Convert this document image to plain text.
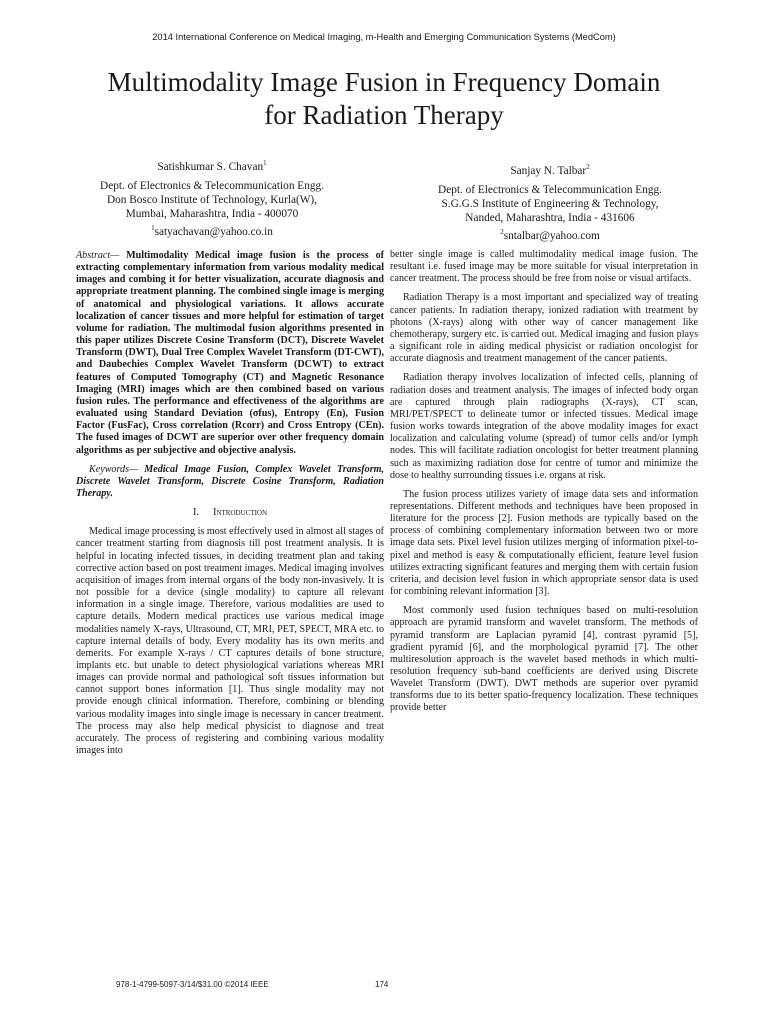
2014 International Conference on Medical Imaging, m-Health and Emerging Communication Systems (MedCom)
Multimodality Image Fusion in Frequency Domain
for Radiation Therapy
Satishkumar S. Chavan$^1$
Dept. of Electronics & Telecommunication Engg.
Don Bosco Institute of Technology, Kurla(W),
Mumbai, Maharashtra, India - 400070
$^1$satyachavan@yahoo.co.in
Sanjay N. Talbar$^2$
Dept. of Electronics & Telecommunication Engg.
S.G.G.S Institute of Engineering & Technology,
Nanded, Maharashtra, India - 431606
$^2$sntalbar@yahoo.com

Abstract— Multimodality Medical image fusion is the process of extracting complementary information from various modality medical images and combing it for better visualization, accurate diagnosis and appropriate treatment planning. The combined single image is merging of anatomical and physiological variations. It allows accurate localization of cancer tissues and more helpful for estimation of target volume for radiation. The multimodal fusion algorithms presented in this paper utilizes Discrete Cosine Transform (DCT), Discrete Wavelet Transform (DWT), Dual Tree Complex Wavelet Transform (DT-CWT), and Daubechies Complex Wavelet Transform (DCWT) to extract features of Computed Tomography (CT) and Magnetic Resonance Imaging (MRI) images which are then combined based on various fusion rules. The performance and effectiveness of the algorithms are evaluated using Standard Deviation (σfus), Entropy (En), Fusion Factor (FusFac), Cross correlation (Rcorr) and Cross Entropy (CEn). The fused images of DCWT are superior over other frequency domain algorithms as per subjective and objective analysis.

Keywords— Medical Image Fusion, Complex Wavelet Transform, Discrete Wavelet Transform, Discrete Cosine Transform, Radiation Therapy.

I. Introduction

Medical image processing is most effectively used in almost all stages of cancer treatment starting from diagnosis till post treatment analysis. It is helpful in locating infected tissues, in deciding treatment plan and taking corrective action based on post treatment images. Medical imaging involves acquisition of images from internal organs of the body non-invasively. It is not possible for a device (single modality) to capture all relevant information in a single image. Therefore, various modalities are used to capture details. Modern medical practices use various medical image modalities namely X-rays, Ultrasound, CT, MRI, PET, SPECT, MRA etc. to capture internal details of body. Every modality has its own merits and demerits. For example X-rays / CT captures details of bone structure, implants etc. but unable to detect physiological variations whereas MRI images can provide normal and pathological soft tissues information but cannot support bones information [1]. Thus single modality may not provide enough clinical information. Therefore, combining or blending various modality images into single image is necessary in cancer treatment. The process may also help medical physicist to diagnose and treat accurately. The process of registering and combining various modality images into

better single image is called multimodality medical image fusion. The resultant i.e. fused image may be more suitable for visual interpretation in cancer treatment. The process should be free from noise or visual artifacts.

Radiation Therapy is a most important and specialized way of treating cancer patients. In radiation therapy, ionized radiation with treatment by photons (X-rays) along with other way of cancer management like chemotherapy, surgery etc. is carried out. Medical imaging and fusion plays a significant role in aiding medical physicist or radiation oncologist for accurate diagnosis and treatment management of the cancer patients.

Radiation therapy involves localization of infected cells, planning of radiation doses and treatment analysis. The images of infected body organ are captured through plain radiographs (X-rays), CT scan, MRI/PET/SPECT to delineate tumor or infected tissues. Medical image fusion works towards integration of the above modality images for exact localization and calculating volume (spread) of tumor cells and/or lymph nodes. This will facilitate radiation oncologist for better treatment planning such as maximizing radiation dose for centre of tumor and minimize the dose to healthy surrounding tissues i.e. organs at risk.

The fusion process utilizes variety of image data sets and information representations. Different methods and techniques have been proposed in literature for the process [2]. Fusion methods are typically based on the process of combining complementary information between two or more image data sets. Pixel level fusion utilizes merging of information pixel-to-pixel and method is easy & computationally efficient, feature level fusion utilizes extracting significant features and merging them with certain fusion criteria, and decision level fusion in which appropriate sensor data is used for combining relevant information [3].

Most commonly used fusion techniques based on multi-resolution approach are pyramid transform and wavelet transform. The methods of pyramid transform are Laplacian pyramid [4], contrast pyramid [5], gradient pyramid [6], and the morphological pyramid [7]. The other multiresolution approach is the wavelet based methods in which multi-resolution frequency sub-band coefficients are derived using Discrete Wavelet Transform (DWT). DWT methods are superior over pyramid transforms due to its better spatio-frequency localization. These techniques provide better

978-1-4799-5097-3/14/$31.00 ©2014 IEEE	174
